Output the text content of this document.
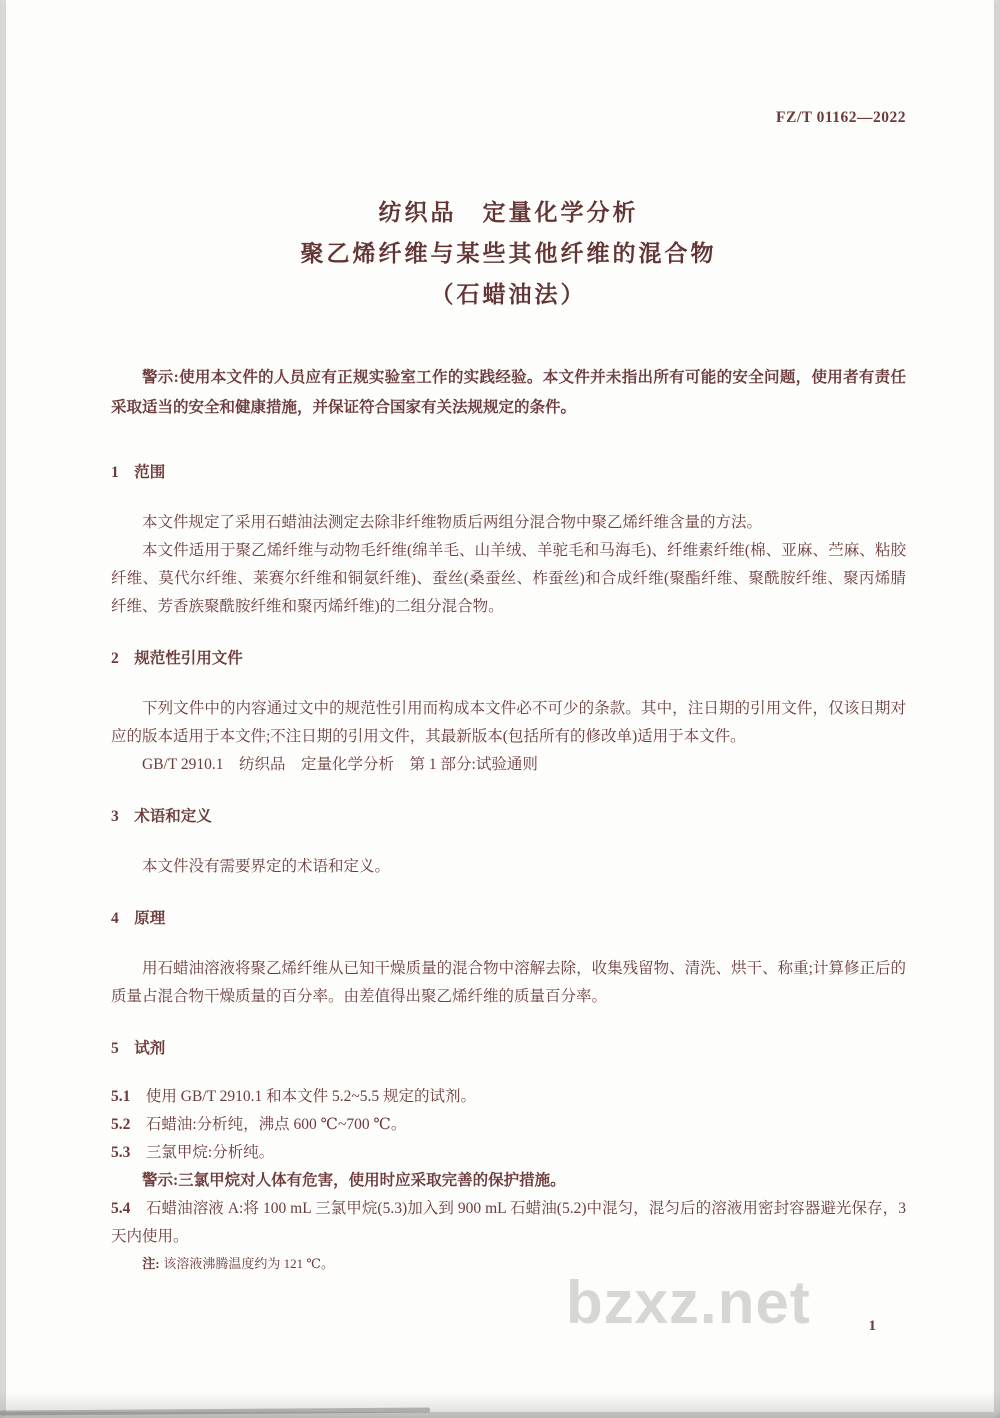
FZ/T 01162—2022
纺织品　定量化学分析
聚乙烯纤维与某些其他纤维的混合物
（石蜡油法）

警示:使用本文件的人员应有正规实验室工作的实践经验。本文件并未指出所有可能的安全问题，使用者有责任采取适当的安全和健康措施，并保证符合国家有关法规规定的条件。

1　范围

本文件规定了采用石蜡油法测定去除非纤维物质后两组分混合物中聚乙烯纤维含量的方法。

本文件适用于聚乙烯纤维与动物毛纤维(绵羊毛、山羊绒、羊驼毛和马海毛)、纤维素纤维(棉、亚麻、苎麻、粘胶纤维、莫代尔纤维、莱赛尔纤维和铜氨纤维)、蚕丝(桑蚕丝、柞蚕丝)和合成纤维(聚酯纤维、聚酰胺纤维、聚丙烯腈纤维、芳香族聚酰胺纤维和聚丙烯纤维)的二组分混合物。

2　规范性引用文件

下列文件中的内容通过文中的规范性引用而构成本文件必不可少的条款。其中，注日期的引用文件，仅该日期对应的版本适用于本文件;不注日期的引用文件，其最新版本(包括所有的修改单)适用于本文件。

GB/T 2910.1　纺织品　定量化学分析　第 1 部分:试验通则

3　术语和定义

本文件没有需要界定的术语和定义。

4　原理

用石蜡油溶液将聚乙烯纤维从已知干燥质量的混合物中溶解去除，收集残留物、清洗、烘干、称重;计算修正后的质量占混合物干燥质量的百分率。由差值得出聚乙烯纤维的质量百分率。

5　试剂

5.1 使用 GB/T 2910.1 和本文件 5.2~5.5 规定的试剂。

5.2 石蜡油:分析纯，沸点 600 ℃~700 ℃。

5.3 三氯甲烷:分析纯。

警示:三氯甲烷对人体有危害，使用时应采取完善的保护措施。

5.4 石蜡油溶液 A:将 100 mL 三氯甲烷(5.3)加入到 900 mL 石蜡油(5.2)中混匀，混匀后的溶液用密封容器避光保存，3 天内使用。

注: 该溶液沸腾温度约为 121 ℃。

bzxz.net	1
